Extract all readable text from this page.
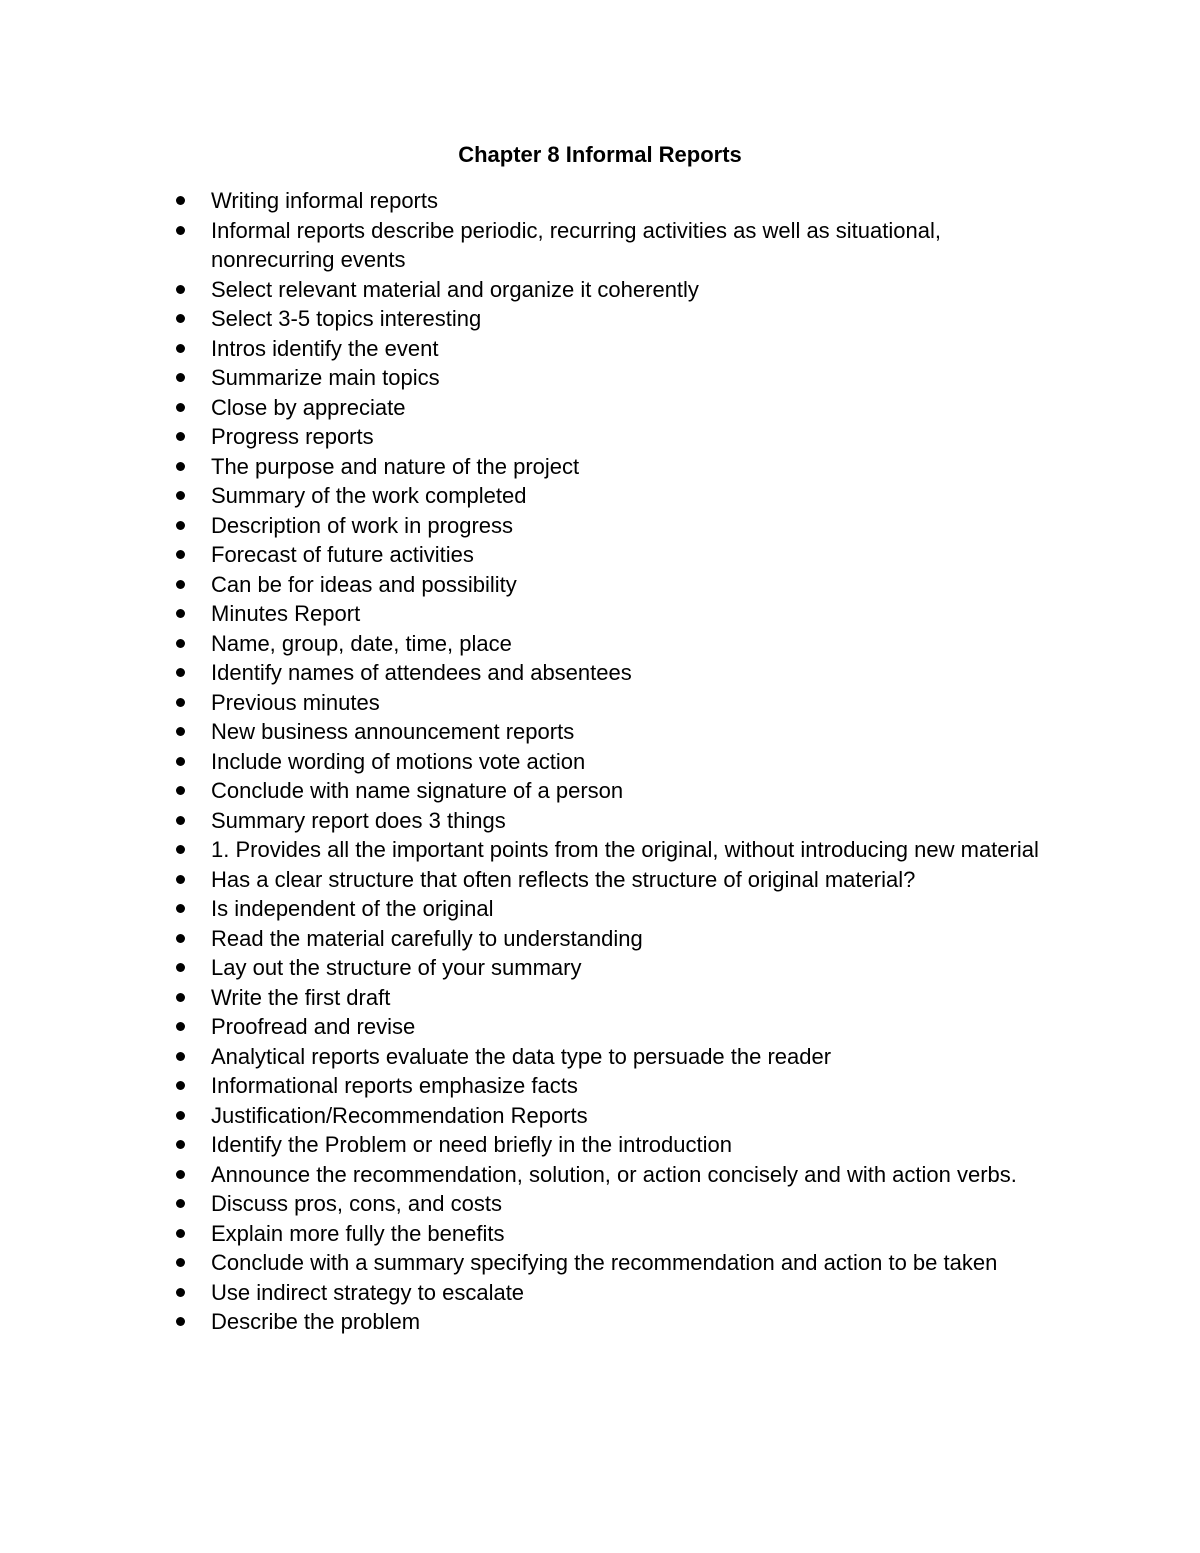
Chapter 8 Informal Reports
Writing informal reports
Informal reports describe periodic, recurring activities as well as situational, nonrecurring events
Select relevant material and organize it coherently
Select 3-5 topics interesting
Intros identify the event
Summarize main topics
Close by appreciate
Progress reports
The purpose and nature of the project
Summary of the work completed
Description of work in progress
Forecast of future activities
Can be for ideas and possibility
Minutes Report
Name, group, date, time, place
Identify names of attendees and absentees
Previous minutes
New business announcement reports
Include wording of motions vote action
Conclude with name signature of a person
Summary report does 3 things
1. Provides all the important points from the original, without introducing new material
Has a clear structure that often reflects the structure of original material?
Is independent of the original
Read the material carefully to understanding
Lay out the structure of your summary
Write the first draft
Proofread and revise
Analytical reports evaluate the data type to persuade the reader
Informational reports emphasize facts
Justification/Recommendation Reports
Identify the Problem or need briefly in the introduction
Announce the recommendation, solution, or action concisely and with action verbs.
Discuss pros, cons, and costs
Explain more fully the benefits
Conclude with a summary specifying the recommendation and action to be taken
Use indirect strategy to escalate
Describe the problem
